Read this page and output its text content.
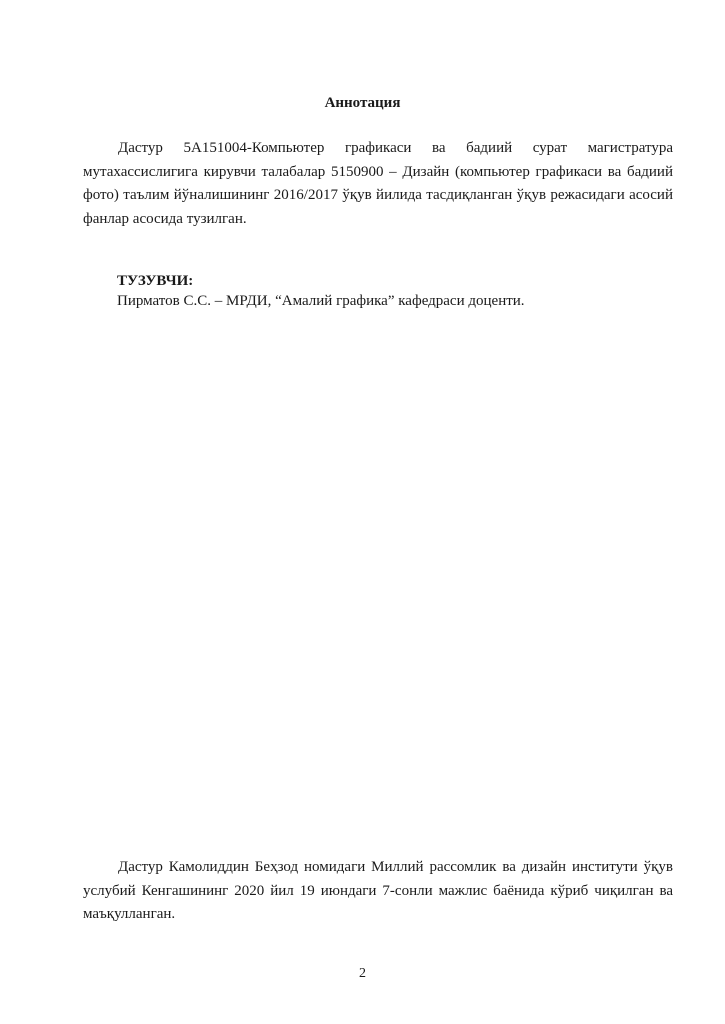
Аннотация

Дастур 5А151004-Компьютер графикаси ва бадиий сурат магистратура мутахассислигига кирувчи талабалар 5150900 – Дизайн (компьютер графикаси ва бадиий фото) таълим йўналишининг 2016/2017 ўқув йилида тасдиқланган ўқув режасидаги асосий фанлар асосида тузилган.

ТУЗУВЧИ:
Пирматов С.С. – МРДИ, “Амалий графика” кафедраси доценти.

Дастур Камолиддин Беҳзод номидаги Миллий рассомлик ва дизайн институти ўқув услубий Кенгашининг 2020 йил 19 июндаги 7-сонли мажлис баёнида кўриб чиқилган ва маъқулланган.

2
